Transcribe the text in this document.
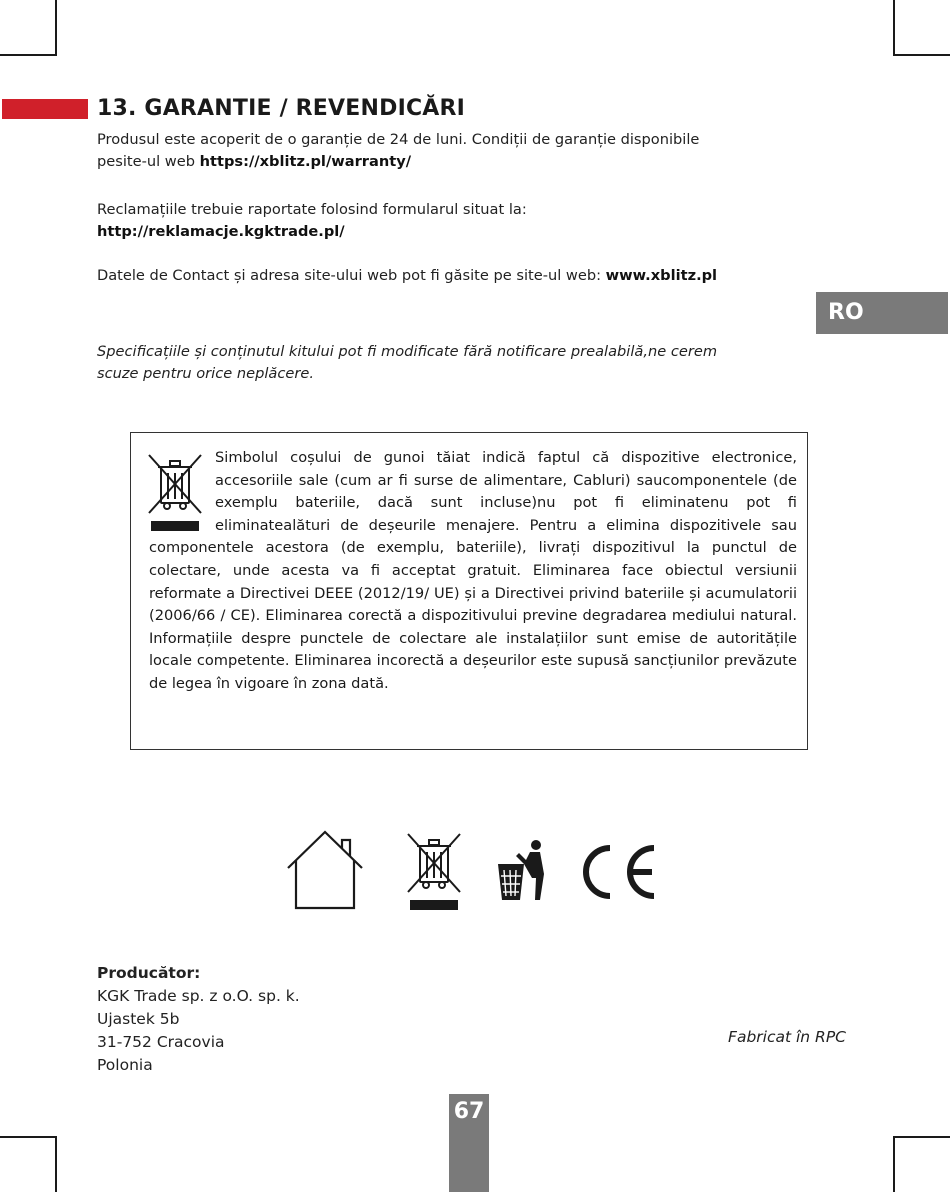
13. GARANTIE / REVENDICĂRI
Produsul este acoperit de o garanție de 24 de luni. Condiții de garanție disponibile
pesite-ul web https://xblitz.pl/warranty/
Reclamațiile trebuie raportate folosind formularul situat la:
http://reklamacje.kgktrade.pl/
Datele de Contact și adresa site-ului web pot fi găsite pe site-ul web: www.xblitz.pl
RO
Specificațiile și conținutul kitului pot fi modificate fără notificare prealabilă,ne cerem
scuze pentru orice neplăcere.
Simbolul coșului de gunoi tăiat indică faptul că dispozitive electronice, accesoriile sale (cum ar fi surse de alimentare, Cabluri) saucomponentele (de exemplu bateriile, dacă sunt incluse)nu pot fi eliminatenu pot fi eliminatealături de deșeurile menajere. Pentru a elimina dispozitivele sau componentele acestora (de exemplu, bateriile), livrați dispozitivul la punctul de colectare, unde acesta va fi acceptat gratuit. Eliminarea face obiectul versiunii reformate a Directivei DEEE (2012/19/ UE) și a Directivei privind bateriile și acumulatorii (2006/66 / CE). Eliminarea corectă a dispozitivului previne degradarea mediului natural. Informațiile despre punctele de colectare ale instalațiilor sunt emise de autoritățile locale competente. Eliminarea incorectă a deșeurilor este supusă sancțiunilor prevăzute de legea în vigoare în zona dată.
Producător:
KGK Trade sp. z o.O. sp. k.
Ujastek 5b
31-752 Cracovia
Polonia
Fabricat în RPC
67
